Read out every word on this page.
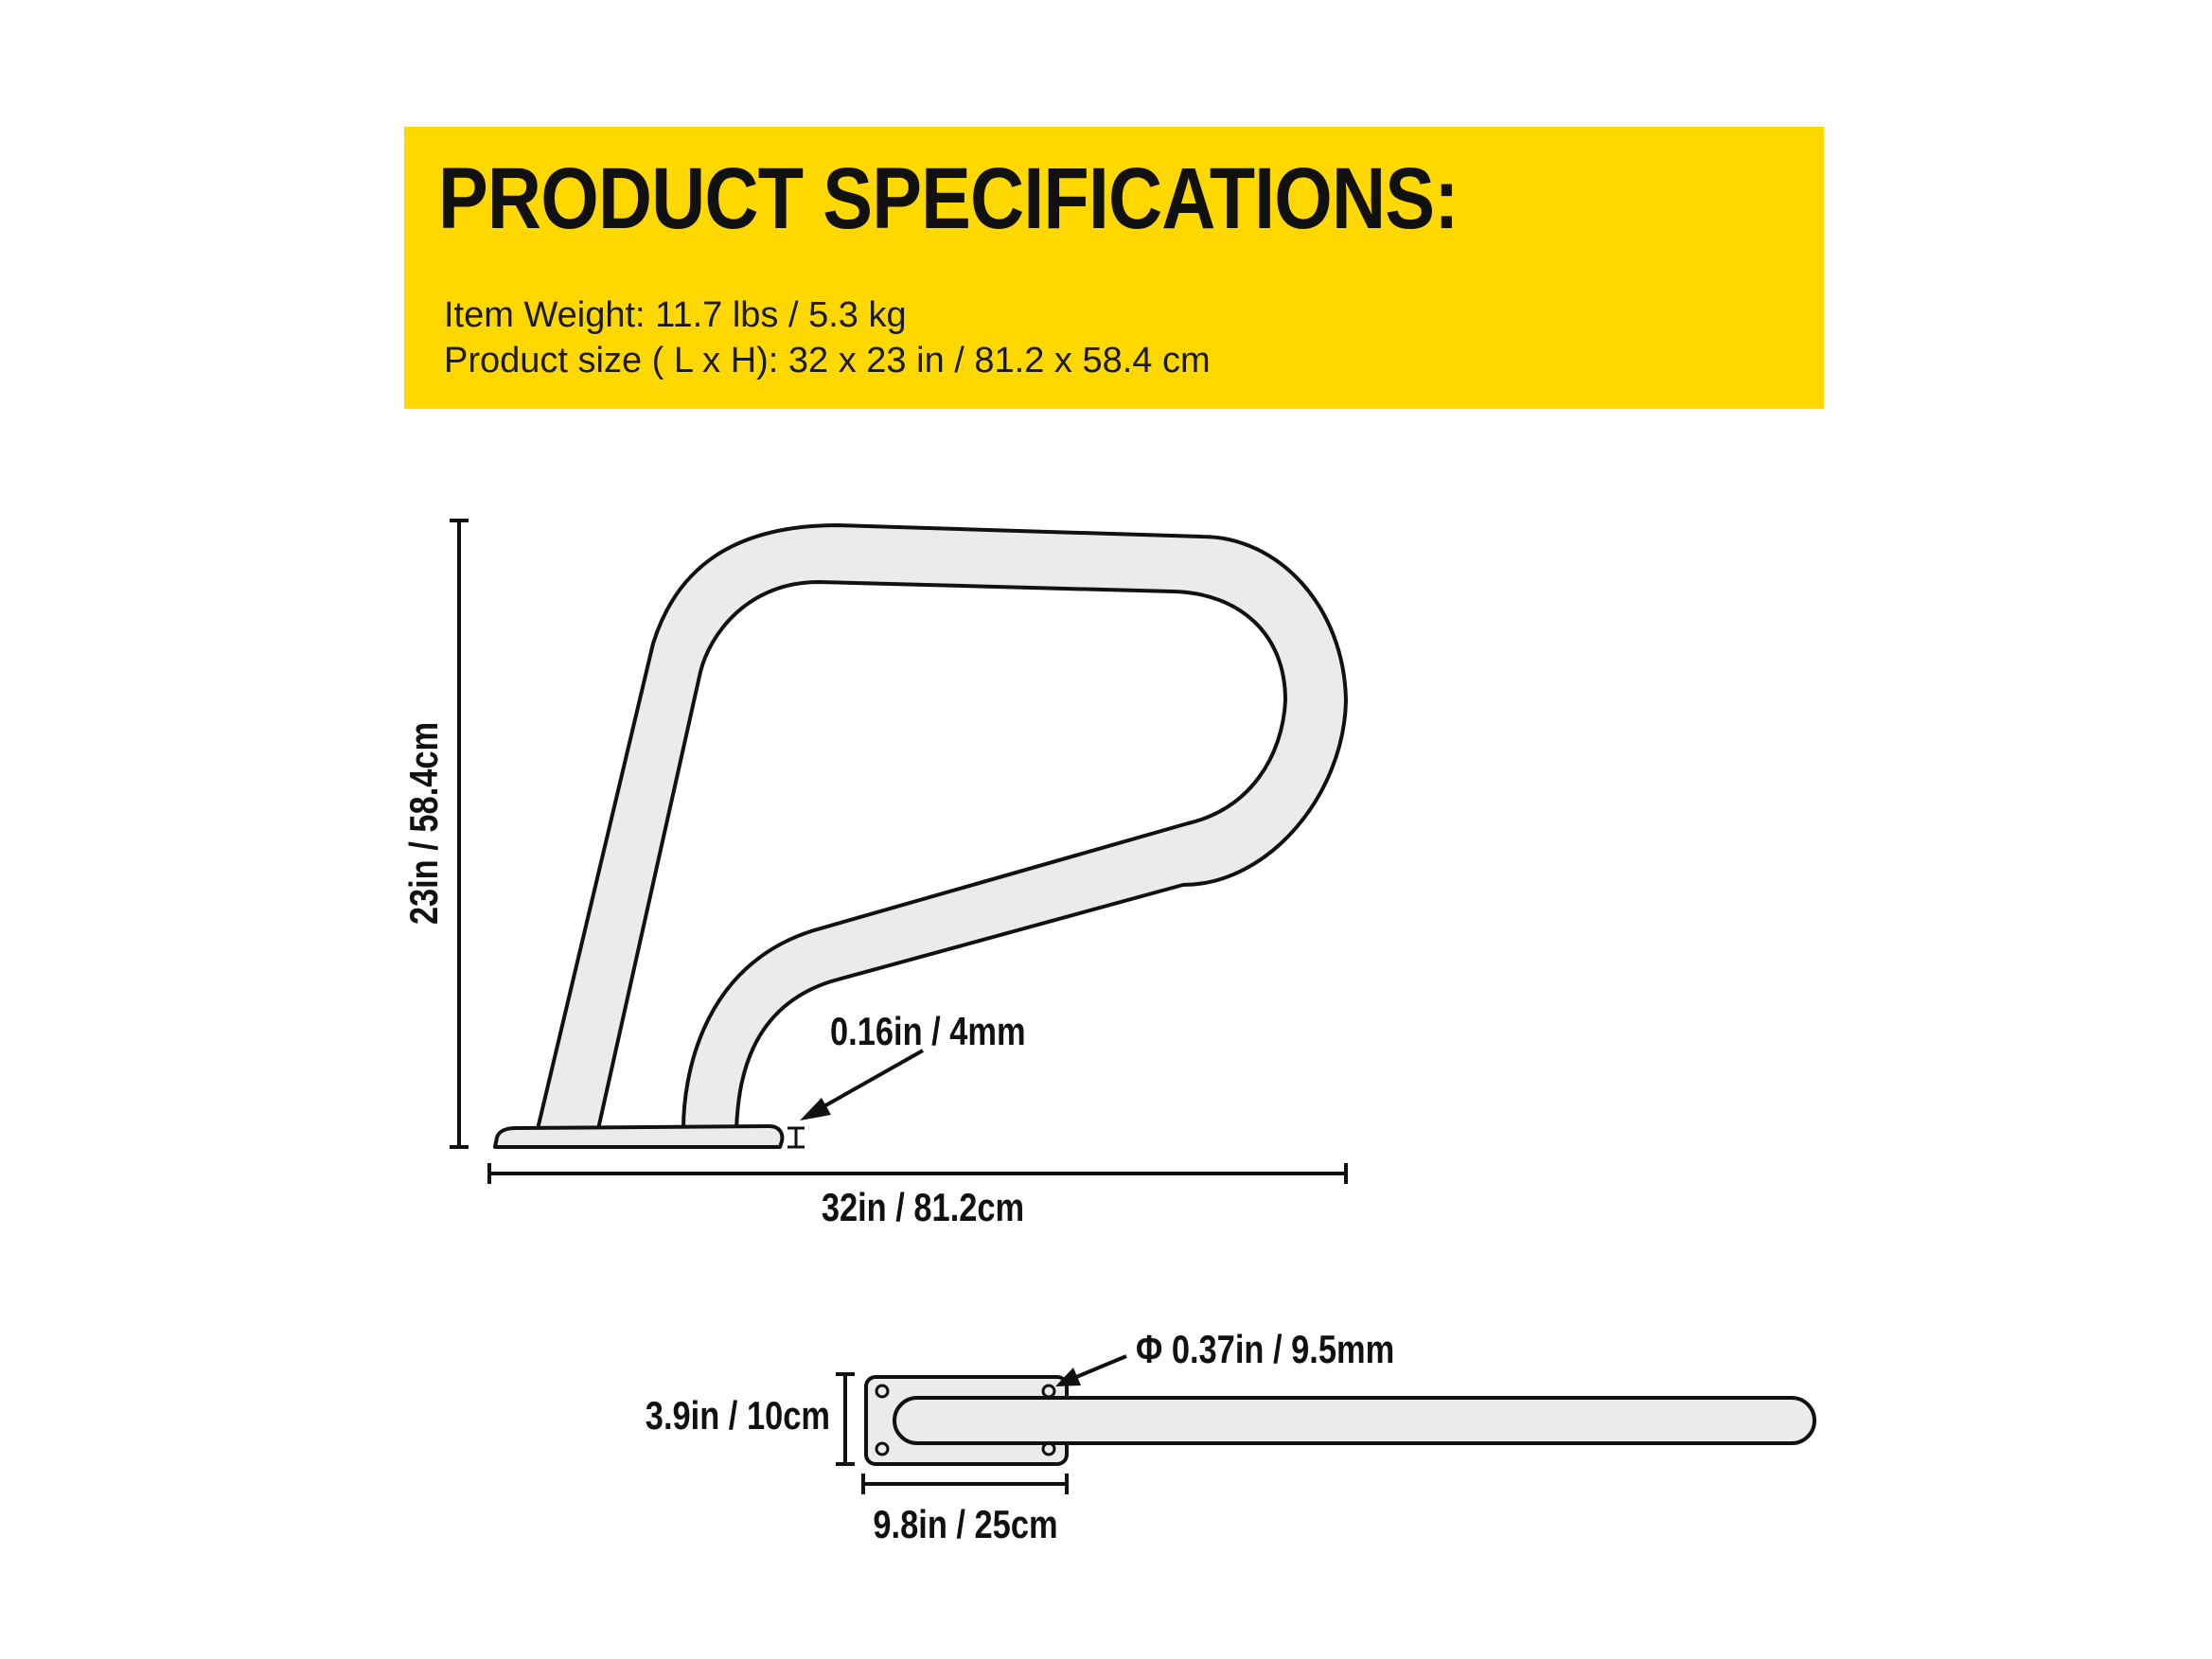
PRODUCT SPECIFICATIONS:
Item Weight: 11.7 lbs / 5.3 kg
Product size ( L x H): 32 x 23 in / 81.2 x 58.4 cm
23in / 58.4cm
32in / 81.2cm
0.16in / 4mm
3.9in / 10cm
9.8in / 25cm
Φ 0.37in / 9.5mm
